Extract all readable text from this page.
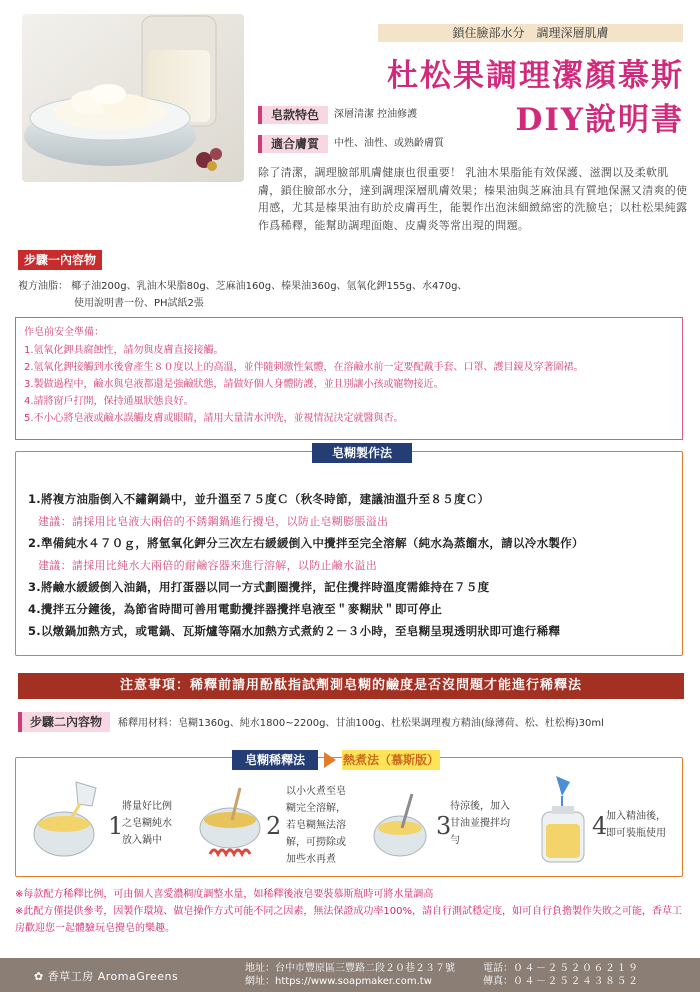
鎖住臉部水分　調理深層肌膚
杜松果調理潔顏慕斯
DIY說明書
皂款特色	深層清潔 控油修護
適合膚質	中性、油性、或熟齡膚質
除了清潔，調理臉部肌膚健康也很重要！ 乳油木果脂能有效保護、滋潤以及柔軟肌膚，鎖住臉部水分，達到調理深層肌膚效果；榛果油與芝麻油具有質地保濕又清爽的使用感，尤其是榛果油有助於皮膚再生，能製作出泡沫細緻綿密的洗臉皂；以杜松果純露作爲稀釋，能幫助調理面皰、皮膚炎等常出現的問題。
步驟一內容物
複方油脂： 椰子油200g、乳油木果脂80g、芝麻油160g、榛果油360g、氫氧化鉀155g、水470g、
使用說明書一份、PH試紙2張
作皂前安全準備：
1.氫氧化鉀具腐蝕性，請勿與皮膚直接接觸。
2.氫氧化鉀接觸到水後會產生８０度以上的高溫，並伴隨刺激性氣體，在溶鹼水前一定要配戴手套、口罩、護目鏡及穿著圍裙。
3.製做過程中，鹼水與皂液都還是強鹼狀態，請做好個人身體防護，並且別讓小孩或寵物接近。
4.請將窗戶打開，保持通風狀態良好。
5.不小心將皂液或鹼水誤觸皮膚或眼睛，請用大量清水沖洗，並視情況決定就醫與否。
皂糊製作法
1.將複方油脂倒入不鏽鋼鍋中，並升溫至７５度Ｃ（秋冬時節，建議油溫升至８５度Ｃ）
建議：請採用比皂液大兩倍的不銹鋼鍋進行攪皂，以防止皂糊膨脹溢出
2.準備純水４７０ｇ，將氫氧化鉀分三次左右緩緩倒入中攪拌至完全溶解（純水為蒸餾水，請以冷水製作）
建議：請採用比純水大兩倍的耐鹼容器來進行溶解，以防止鹼水溢出
3.將鹼水緩緩倒入油鍋，用打蛋器以同一方式劃圈攪拌，記住攪拌時溫度需維持在７５度
4.攪拌五分鐘後，為節省時間可善用電動攪拌器攪拌皂液至＂麥糊狀＂即可停止
5.以燉鍋加熱方式，或電鍋、瓦斯爐等隔水加熱方式煮約２－３小時，至皂糊呈現透明狀即可進行稀釋
注意事項：稀釋前請用酚酞指試劑測皂糊的鹼度是否沒問題才能進行稀釋法
步驟二內容物	稀釋用材料：皂糊1360g、純水1800~2200g、甘油100g、杜松果調理複方精油(綠薄荷、松、杜松梅)30ml
皂糊稀釋法	熱煮法（慕斯版）
1
將量好比例
之皂糊純水
放入鍋中
2
以小火煮至皂
糊完全溶解，
若皂糊無法溶
解，可撈除或
加些水再煮
3
待涼後，加入
甘油並攪拌均
勻
4
加入精油後，
即可裝瓶使用
※每款配方稀釋比例，可由個人喜愛濃稠度調整水量，如稀釋後液皂要裝慕斯瓶時可將水量調高
※此配方僅提供參考，因製作環境、做皂操作方式可能不同之因素，無法保證成功率100%，請自行測試穩定度，如可自行負擔製作失敗之可能，香草工房歡迎您一起體驗玩皂攪皂的樂趣。
✿ 香草工房 AromaGreens
地址：台中市豐原區三豐路二段２０巷２３７號
網址：https://www.soapmaker.com.tw
電話：０４－２５２０６２１９
傳真：０４－２５２４３８５２
